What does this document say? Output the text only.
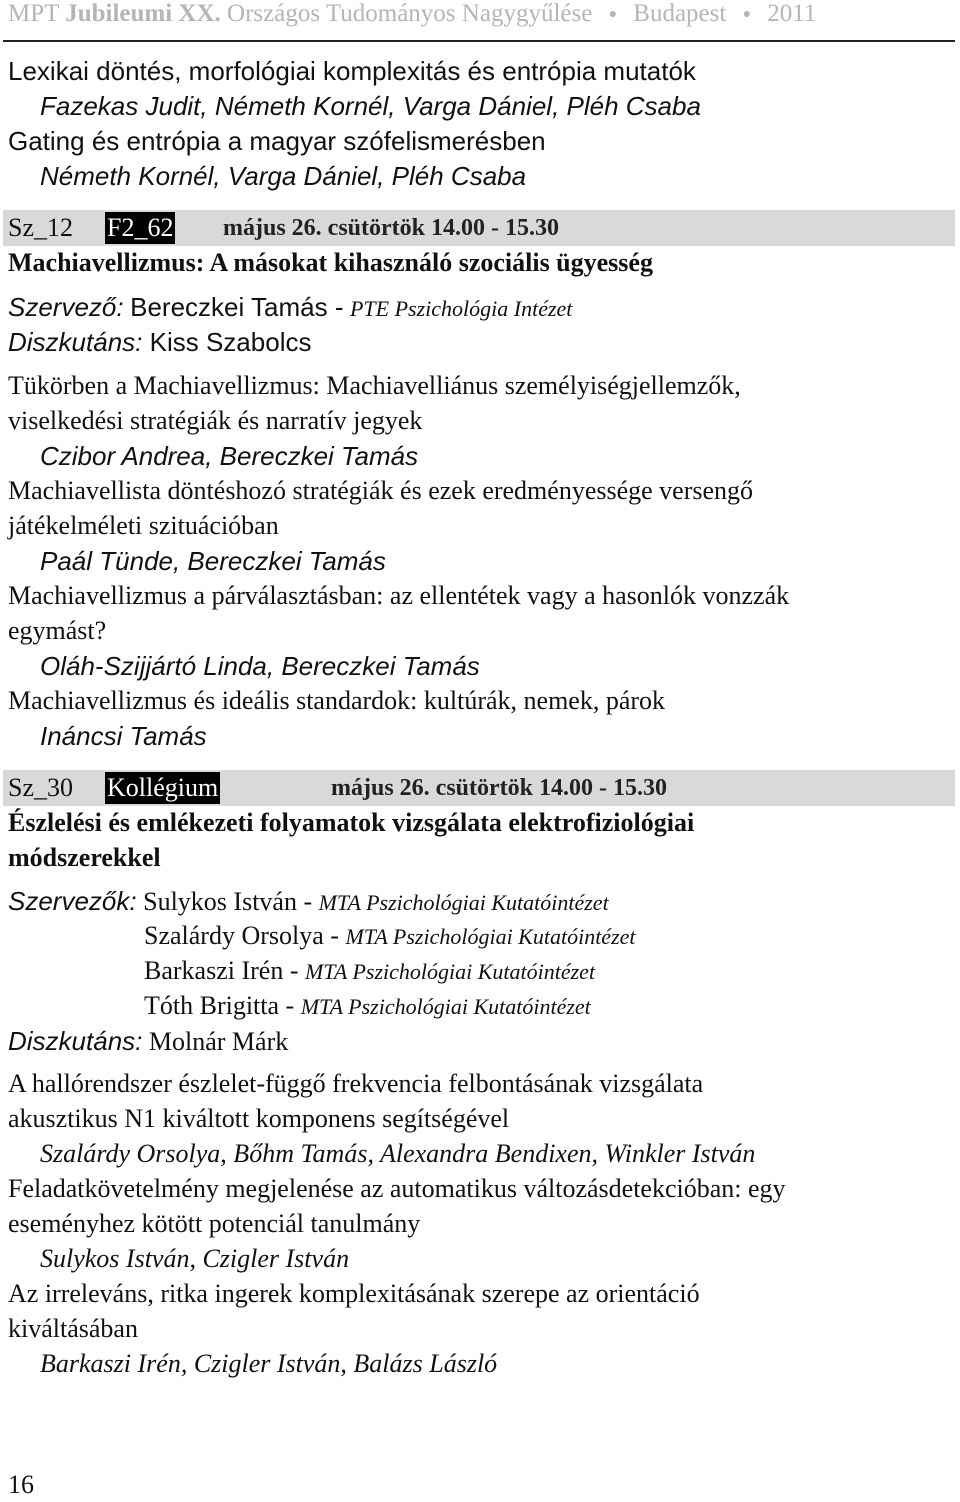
MPT Jubileumi XX. Országos Tudományos Nagygyűlése ● Budapest ● 2011
Lexikai döntés, morfológiai komplexitás és entrópia mutatók
Fazekas Judit, Németh Kornél, Varga Dániel, Pléh Csaba
Gating és entrópia a magyar szófelismerésben
Németh Kornél, Varga Dániel, Pléh Csaba
Sz_12 F2_62 május 26. csütörtök 14.00 - 15.30
Machiavellizmus: A másokat kihasználó szociális ügyesség
Szervező: Bereczkei Tamás - PTE Pszichológia Intézet
Diszkutáns: Kiss Szabolcs
Tükörben a Machiavellizmus: Machiavelliánus személyiségjellemzők,
viselkedési stratégiák és narratív jegyek
Czibor Andrea, Bereczkei Tamás
Machiavellista döntéshozó stratégiák és ezek eredményessége versengő
játékelméleti szituációban
Paál Tünde, Bereczkei Tamás
Machiavellizmus a párválasztásban: az ellentétek vagy a hasonlók vonzzák
egymást?
Oláh-Szijjártó Linda, Bereczkei Tamás
Machiavellizmus és ideális standardok: kultúrák, nemek, párok
Ináncsi Tamás
Sz_30 Kollégium	május 26. csütörtök 14.00 - 15.30
Észlelési és emlékezeti folyamatok vizsgálata elektrofiziológiai
módszerekkel
Szervezők: Sulykos István - MTA Pszichológiai Kutatóintézet
Szalárdy Orsolya - MTA Pszichológiai Kutatóintézet
Barkaszi Irén - MTA Pszichológiai Kutatóintézet
Tóth Brigitta - MTA Pszichológiai Kutatóintézet
Diszkutáns: Molnár Márk
A hallórendszer észlelet-függő frekvencia felbontásának vizsgálata
akusztikus N1 kiváltott komponens segítségével
Szalárdy Orsolya, Bőhm Tamás, Alexandra Bendixen, Winkler István
Feladatkövetelmény megjelenése az automatikus változásdetekcióban: egy
eseményhez kötött potenciál tanulmány
Sulykos István, Czigler István
Az irreleváns, ritka ingerek komplexitásának szerepe az orientáció
kiváltásában
Barkaszi Irén, Czigler István, Balázs László
16
